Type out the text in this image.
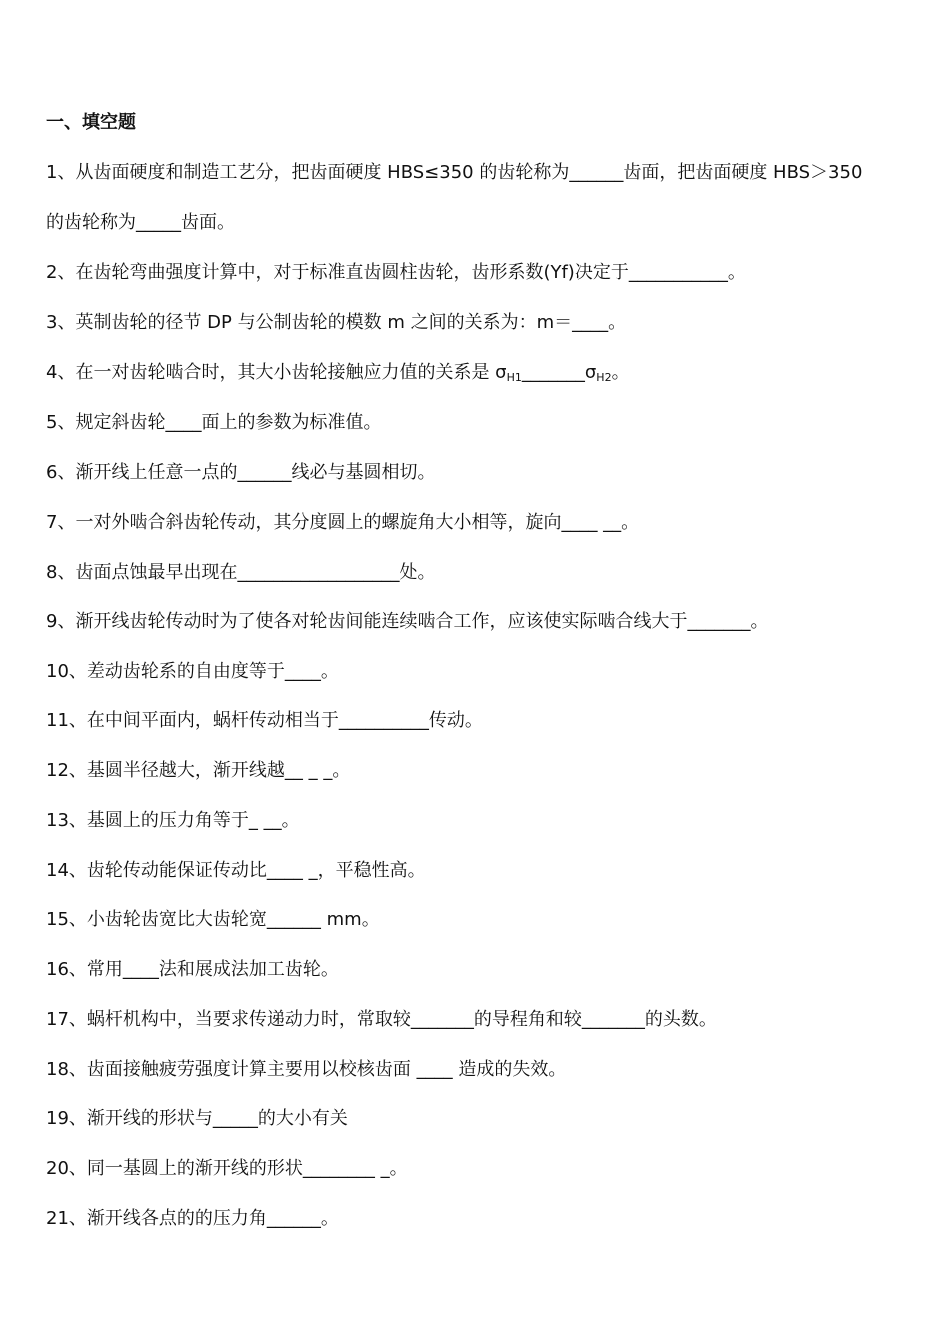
一、填空题
1、从齿面硬度和制造工艺分，把齿面硬度 HBS≤350 的齿轮称为______齿面，把齿面硬度 HBS＞350
的齿轮称为_____齿面。
2、在齿轮弯曲强度计算中，对于标准直齿圆柱齿轮，齿形系数(Yf)决定于___________。
3、英制齿轮的径节 DP 与公制齿轮的模数 m 之间的关系为：m＝____。
4、在一对齿轮啮合时，其大小齿轮接触应力值的关系是 $\sigma_{H1}\_\_\_\_\_\_\_\sigma_{H2}$。
5、规定斜齿轮____面上的参数为标准值。
6、渐开线上任意一点的______线必与基圆相切。
7、一对外啮合斜齿轮传动，其分度圆上的螺旋角大小相等，旋向____ __。
8、齿面点蚀最早出现在__________________处。
9、渐开线齿轮传动时为了使各对轮齿间能连续啮合工作，应该使实际啮合线大于_______。
10、差动齿轮系的自由度等于____。
11、在中间平面内，蜗杆传动相当于__________传动。
12、基圆半径越大，渐开线越__ _ _。
13、基圆上的压力角等于_ __。
14、齿轮传动能保证传动比____ _，平稳性高。
15、小齿轮齿宽比大齿轮宽______ mm。
16、常用____法和展成法加工齿轮。
17、蜗杆机构中，当要求传递动力时，常取较_______的导程角和较_______的头数。
18、齿面接触疲劳强度计算主要用以校核齿面 ____ 造成的失效。
19、渐开线的形状与_____的大小有关
20、同一基圆上的渐开线的形状________ _。
21、渐开线各点的的压力角______。
